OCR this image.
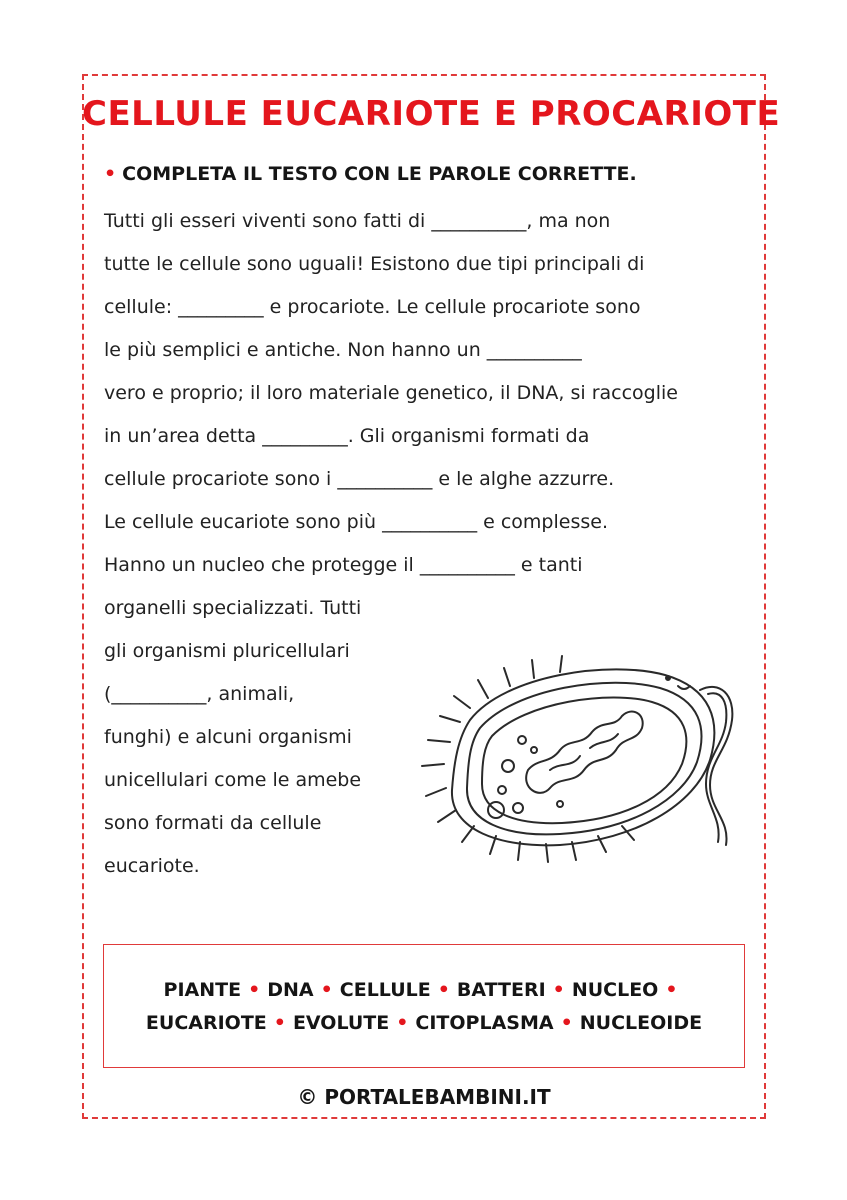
CELLULE EUCARIOTE E PROCARIOTE
• COMPLETA IL TESTO CON LE PAROLE CORRETTE.
Tutti gli esseri viventi sono fatti di __________, ma non
tutte le cellule sono uguali! Esistono due tipi principali di
cellule: _________ e procariote. Le cellule procariote sono
le più semplici e antiche. Non hanno un __________
vero e proprio; il loro materiale genetico, il DNA, si raccoglie
in un’area detta _________. Gli organismi formati da
cellule procariote sono i __________ e le alghe azzurre.
Le cellule eucariote sono più __________ e complesse.
Hanno un nucleo che protegge il __________ e tanti
organelli specializzati. Tutti
gli organismi pluricellulari
(__________, animali,
funghi) e alcuni organismi
unicellulari come le amebe
sono formati da cellule
eucariote.
PIANTE • DNA • CELLULE • BATTERI • NUCLEO •
EUCARIOTE • EVOLUTE • CITOPLASMA • NUCLEOIDE
© PORTALEBAMBINI.IT
